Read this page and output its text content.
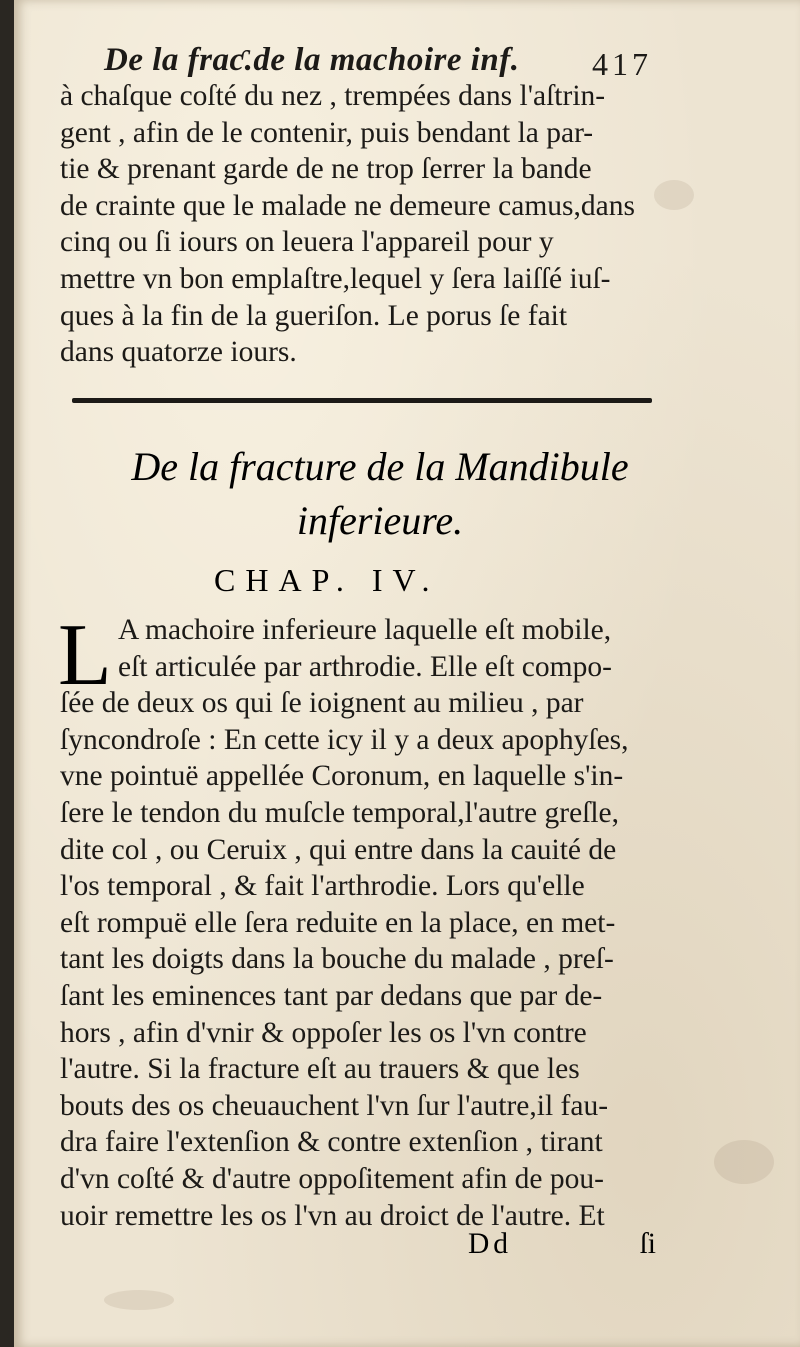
De la fraƈ.de la machoire inf. 417
à chaſque coſté du nez , trempées dans l'aſtrin-
gent , afin de le contenir, puis bendant la par-
tie & prenant garde de ne trop ſerrer la bande
de crainte que le malade ne demeure camus,dans
cinq ou ſi iours on leuera l'appareil pour y
mettre vn bon emplaſtre,lequel y ſera laiſſé iuſ-
ques à la fin de la gueriſon. Le porus ſe fait
dans quatorze iours.
De la fracture de la Mandibule
inferieure.
CHAP. IV.
L A machoire inferieure laquelle eſt mobile,
eſt articulée par arthrodie. Elle eſt compo-
ſée de deux os qui ſe ioignent au milieu , par
ſyncondroſe : En cette icy il y a deux apophyſes,
vne pointuë appellée Coronum, en laquelle s'in-
ſere le tendon du muſcle temporal,l'autre greſle,
dite col , ou Ceruix , qui entre dans la cauité de
l'os temporal , & fait l'arthrodie. Lors qu'elle
eſt rompuë elle ſera reduite en la place, en met-
tant les doigts dans la bouche du malade , preſ-
ſant les eminences tant par dedans que par de-
hors , afin d'vnir & oppoſer les os l'vn contre
l'autre. Si la fracture eſt au trauers & que les
bouts des os cheuauchent l'vn ſur l'autre,il fau-
dra faire l'extenſion & contre extenſion , tirant
d'vn coſté & d'autre oppoſitement afin de pou-
uoir remettre les os l'vn au droict de l'autre. Et
Dd	ſi
